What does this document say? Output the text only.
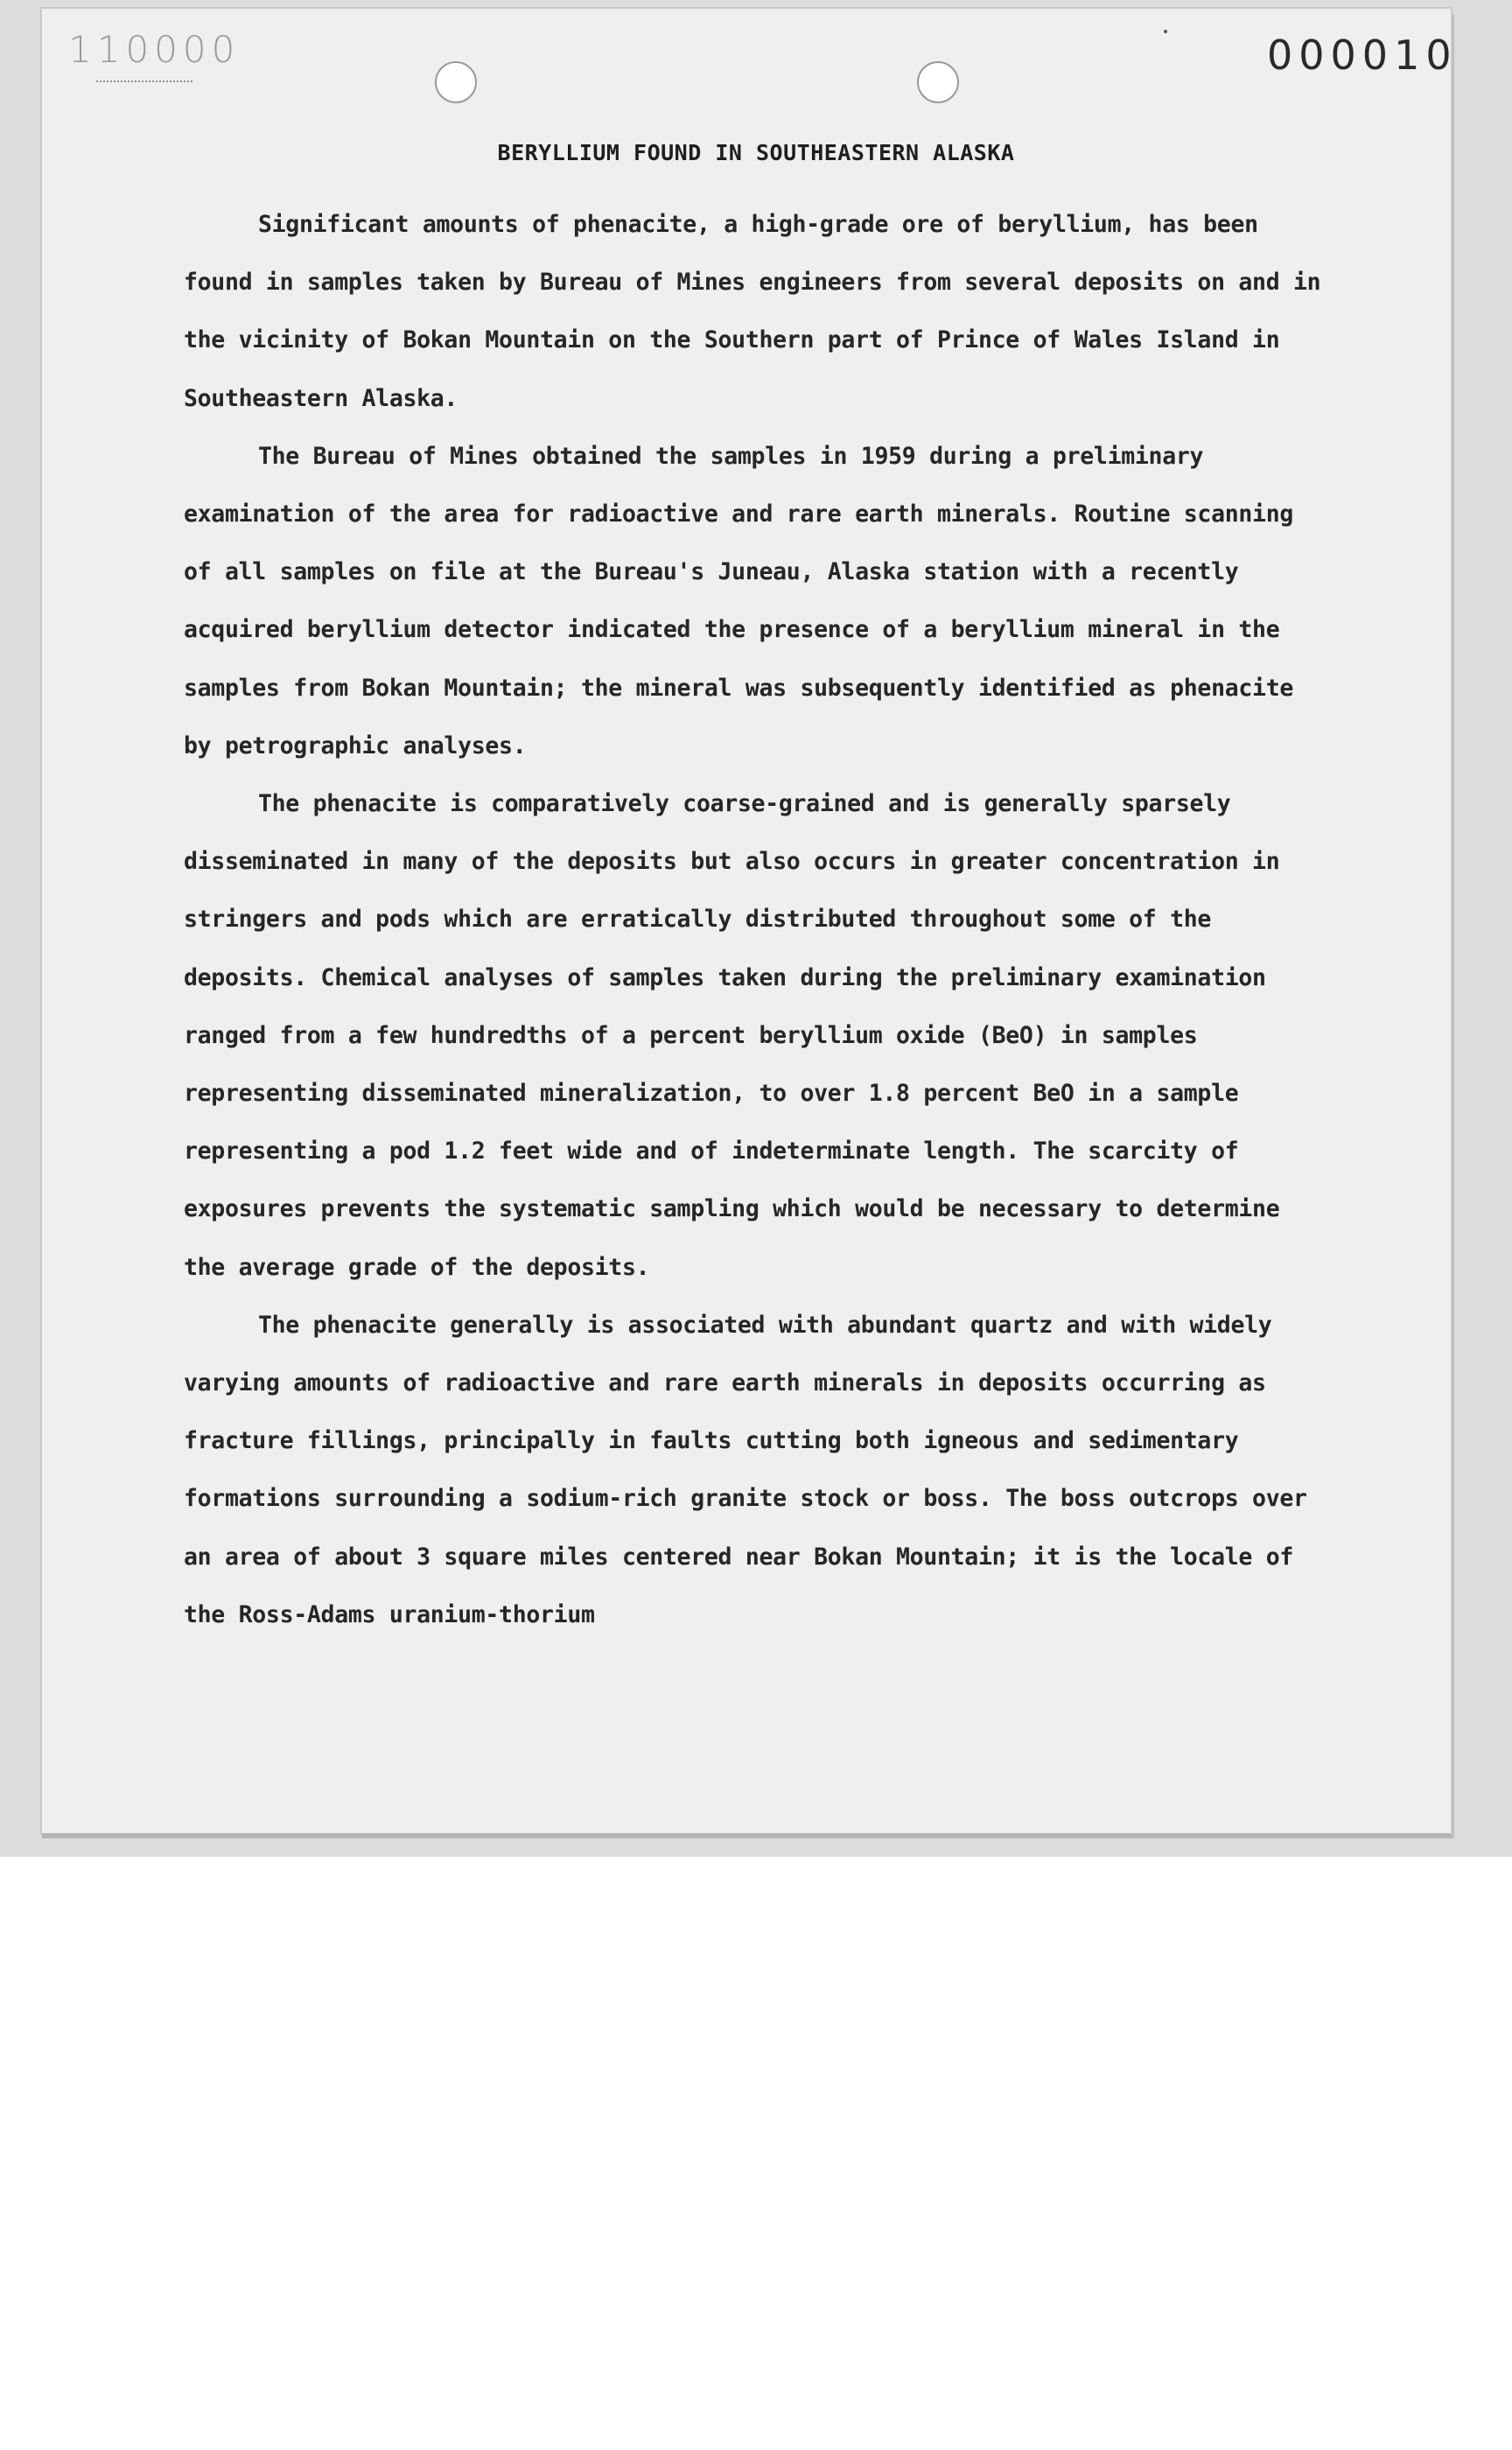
110000	000010
BERYLLIUM FOUND IN SOUTHEASTERN ALASKA

Significant amounts of phenacite, a high-grade ore of beryllium, has been found in samples taken by Bureau of Mines engineers from several deposits on and in the vicinity of Bokan Mountain on the Southern part of Prince of Wales Island in Southeastern Alaska.

The Bureau of Mines obtained the samples in 1959 during a preliminary examination of the area for radioactive and rare earth minerals. Routine scanning of all samples on file at the Bureau's Juneau, Alaska station with a recently acquired beryllium detector indicated the presence of a beryllium mineral in the samples from Bokan Mountain; the mineral was subsequently identified as phenacite by petrographic analyses.

The phenacite is comparatively coarse-grained and is generally sparsely disseminated in many of the deposits but also occurs in greater concentration in stringers and pods which are erratically distributed throughout some of the deposits. Chemical analyses of samples taken during the preliminary examination ranged from a few hundredths of a percent beryllium oxide (BeO) in samples representing disseminated mineralization, to over 1.8 percent BeO in a sample representing a pod 1.2 feet wide and of indeterminate length. The scarcity of exposures prevents the systematic sampling which would be necessary to determine the average grade of the deposits.

The phenacite generally is associated with abundant quartz and with widely varying amounts of radioactive and rare earth minerals in deposits occurring as fracture fillings, principally in faults cutting both igneous and sedimentary formations surrounding a sodium-rich granite stock or boss. The boss outcrops over an area of about 3 square miles centered near Bokan Mountain; it is the locale of the Ross-Adams uranium-thorium
